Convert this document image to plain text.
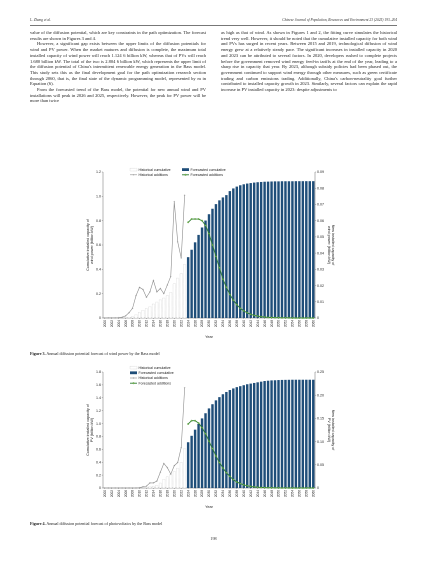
L. Zhang et al.	Chinese Journal of Population, Resources and Environment 23 (2025) 193–204

value of the diffusion potential, which are key constraints in the path optimization. The forecast results are shown in Figures 3 and 4.

However, a significant gap exists between the upper limits of the diffusion potentials for wind and PV power. When the market matures and diffusion is complete, the maximum total installed capacity of wind power will reach 1.124 6 billion kW, whereas that of PVs will reach 1.680 billion kW. The total of the two is 2.804 6 billion kW, which represents the upper limit of the diffusion potential of China's intermittent renewable energy generation in the Bass model. This study sets this as the final development goal for the path optimization research section through 2060, that is, the final state of the dynamic programming model, represented by m in Equation (6).

From the forecasted trend of the Bass model, the potential for new annual wind and PV installations will peak in 2026 and 2025, respectively. However, the peak for PV power will be more than twice

as high as that of wind. As shown in Figures 1 and 2, the fitting curve simulates the historical trend very well. However, it should be noted that the cumulative installed capacity for both wind and PVs has surged in recent years. Between 2015 and 2019, technological diffusion of wind energy grew at a relatively steady pace. The significant increases in installed capacity in 2020 and 2023 can be attributed to several factors. In 2020, developers rushed to complete projects before the government removed wind energy feed-in tariffs at the end of the year, leading to a sharp rise in capacity that year. By 2023, although subsidy policies had been phased out, the government continued to support wind energy through other measures, such as green certificate trading and carbon emissions trading. Additionally, China's carbon-neutrality goal further contributed to installed capacity growth in 2023. Similarly, several factors can explain the rapid increase in PV installed capacity in 2023: despite adjustments to

0
0.2
0.4
0.6
0.8
1.0
1.2
0
0.01
0.02
0.03
0.04
0.05
0.06
0.07
0.08
0.09
2000 2002 2004 2006 2008 2010 2012 2014 2016 2018 2020 2022 2024 2026 2028 2030 2032 2034 2036 2038 2040 2042 2044 2046 2048 2050 2052 2054 2056 2058 2060
Cumulative installed capacity ofwind power (billion kW)	New installed capacity ofwind power (billion kW)
Year
Historical cumulative	Forecasted cumulative
Historical additions	Forecasted additions
0
0.2
0.4
0.6
0.8
1.0
1.2
1.4
1.6
1.8
0
0.05
0.10
0.15
0.20
0.25
2000 2002 2004 2006 2008 2010 2012 2014 2016 2018 2020 2022 2024 2026 2028 2030 2032 2034 2036 2038 2040 2042 2044 2046 2048 2050 2052 2054 2056 2058 2060
Cumulative installed capacity ofPV (billion kW)	New installed capacity ofPV (billion kW)
Year
Historical cumulative
Forecasted cumulative
Historical additions
Forecasted additions
Figure 3. Annual diffusion potential forecast of wind power by the Bass model
Figure 4. Annual diffusion potential forecast of photovoltaics by the Bass model
198
